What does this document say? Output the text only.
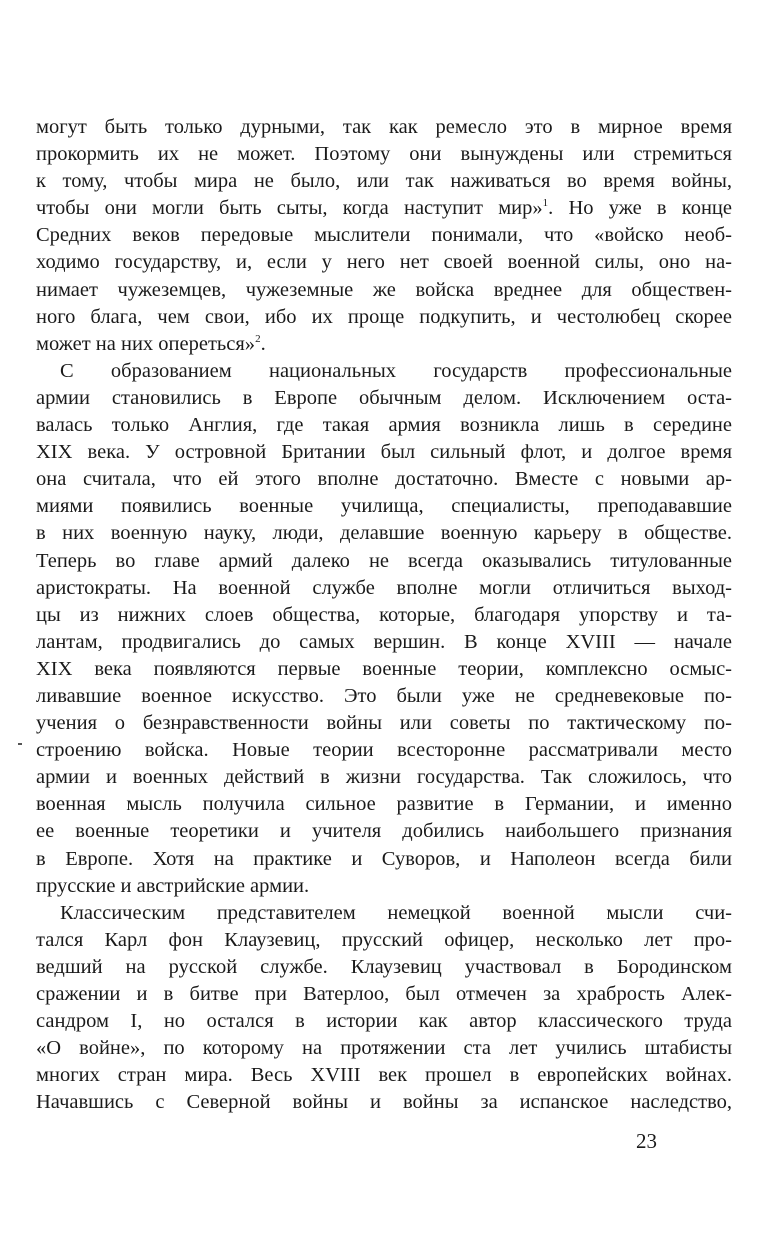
могут быть только дурными, так как ремесло это в мирное время
прокормить их не может. Поэтому они вынуждены или стремиться
к тому, чтобы мира не было, или так наживаться во время войны,
чтобы они могли быть сыты, когда наступит мир»$^1$. Но уже в конце
Средних веков передовые мыслители понимали, что «войско необ-
ходимо государству, и, если у него нет своей военной силы, оно на-
нимает чужеземцев, чужеземные же войска вреднее для обществен-
ного блага, чем свои, ибо их проще подкупить, и честолюбец скорее
может на них опереться»$^2$.
С образованием национальных государств профессиональные
армии становились в Европе обычным делом. Исключением оста-
валась только Англия, где такая армия возникла лишь в середине
XIX века. У островной Британии был сильный флот, и долгое время
она считала, что ей этого вполне достаточно. Вместе с новыми ар-
миями появились военные училища, специалисты, преподававшие
в них военную науку, люди, делавшие военную карьеру в обществе.
Теперь во главе армий далеко не всегда оказывались титулованные
аристократы. На военной службе вполне могли отличиться выход-
цы из нижних слоев общества, которые, благодаря упорству и та-
лантам, продвигались до самых вершин. В конце XVIII — начале
XIX века появляются первые военные теории, комплексно осмыс-
ливавшие военное искусство. Это были уже не средневековые по-
учения о безнравственности войны или советы по тактическому по-
строению войска. Новые теории всесторонне рассматривали место
армии и военных действий в жизни государства. Так сложилось, что
военная мысль получила сильное развитие в Германии, и именно
ее военные теоретики и учителя добились наибольшего признания
в Европе. Хотя на практике и Суворов, и Наполеон всегда били
прусские и австрийские армии.
Классическим представителем немецкой военной мысли счи-
тался Карл фон Клаузевиц, прусский офицер, несколько лет про-
ведший на русской службе. Клаузевиц участвовал в Бородинском
сражении и в битве при Ватерлоо, был отмечен за храбрость Алек-
сандром I, но остался в истории как автор классического труда
«О войне», по которому на протяжении ста лет учились штабисты
многих стран мира. Весь XVIII век прошел в европейских войнах.
Начавшись с Северной войны и войны за испанское наследство,
23
